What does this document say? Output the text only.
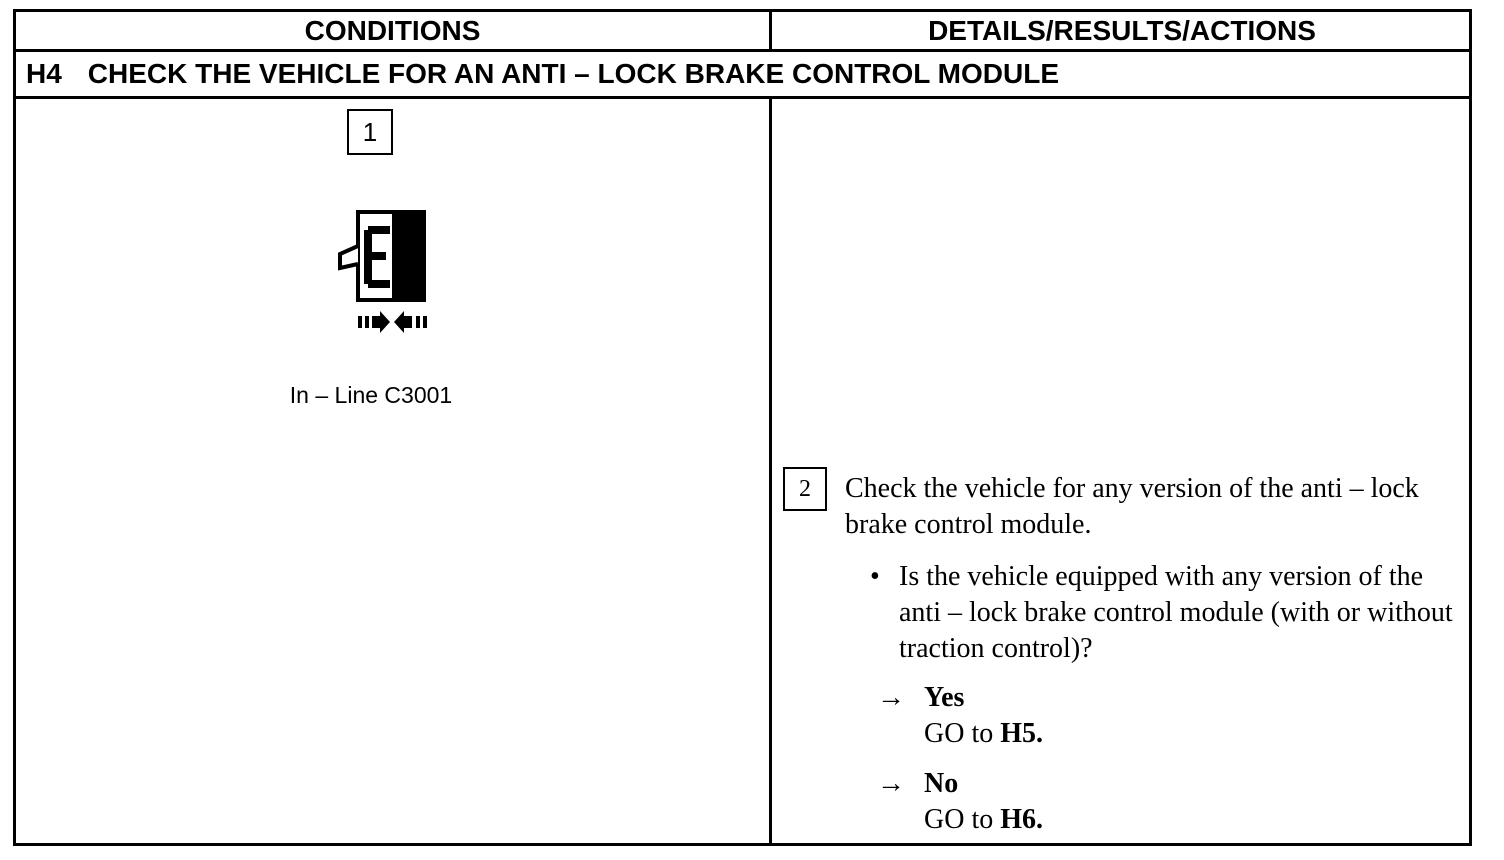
CONDITIONS	DETAILS/RESULTS/ACTIONS
H4 CHECK THE VEHICLE FOR AN ANTI – LOCK BRAKE CONTROL MODULE
1
In – Line C3001
2	Check the vehicle for any version of the anti – lock brake control module.
• Is the vehicle equipped with any version of the anti – lock brake control module (with or without traction control)?
→ Yes
GO to H5.
→ No
GO to H6.
